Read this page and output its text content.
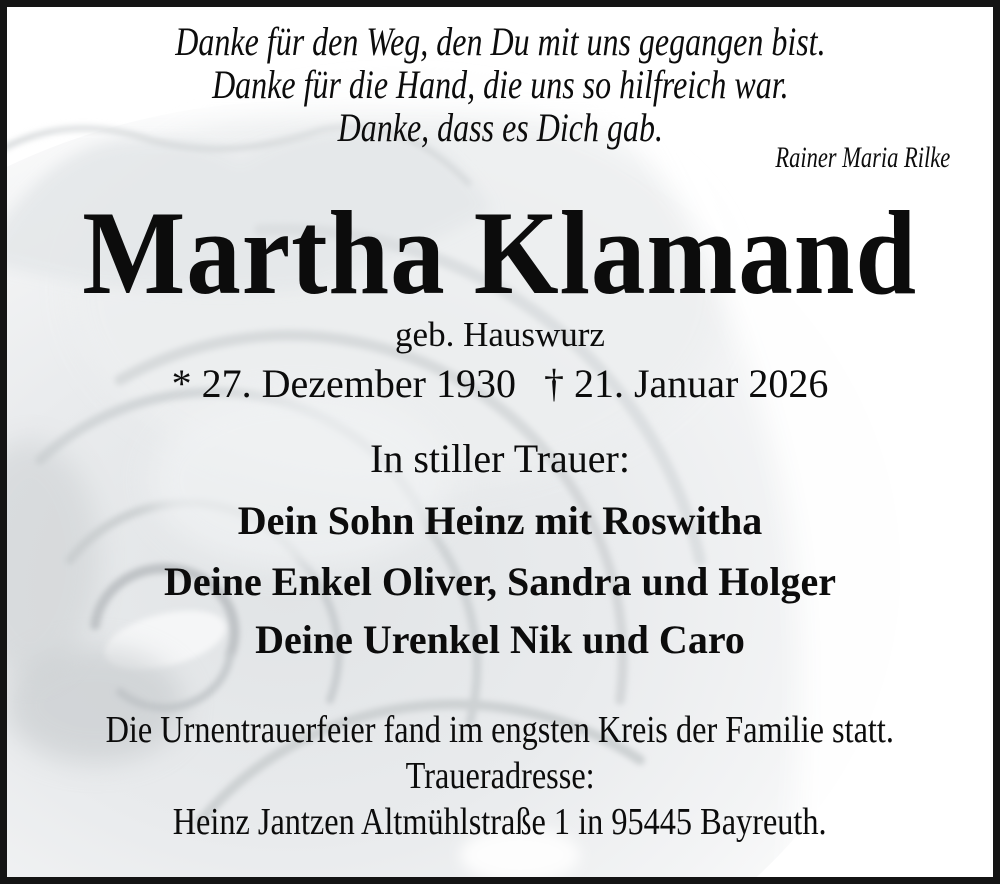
Danke für den Weg, den Du mit uns gegangen bist.
Danke für die Hand, die uns so hilfreich war.
Danke, dass es Dich gab.
Rainer Maria Rilke
Martha Klamand
geb. Hauswurz
* 27. Dezember 1930 † 21. Januar 2026
In stiller Trauer:
Dein Sohn Heinz mit Roswitha
Deine Enkel Oliver, Sandra und Holger
Deine Urenkel Nik und Caro
Die Urnentrauerfeier fand im engsten Kreis der Familie statt.
Traueradresse:
Heinz Jantzen Altmühlstraße 1 in 95445 Bayreuth.
